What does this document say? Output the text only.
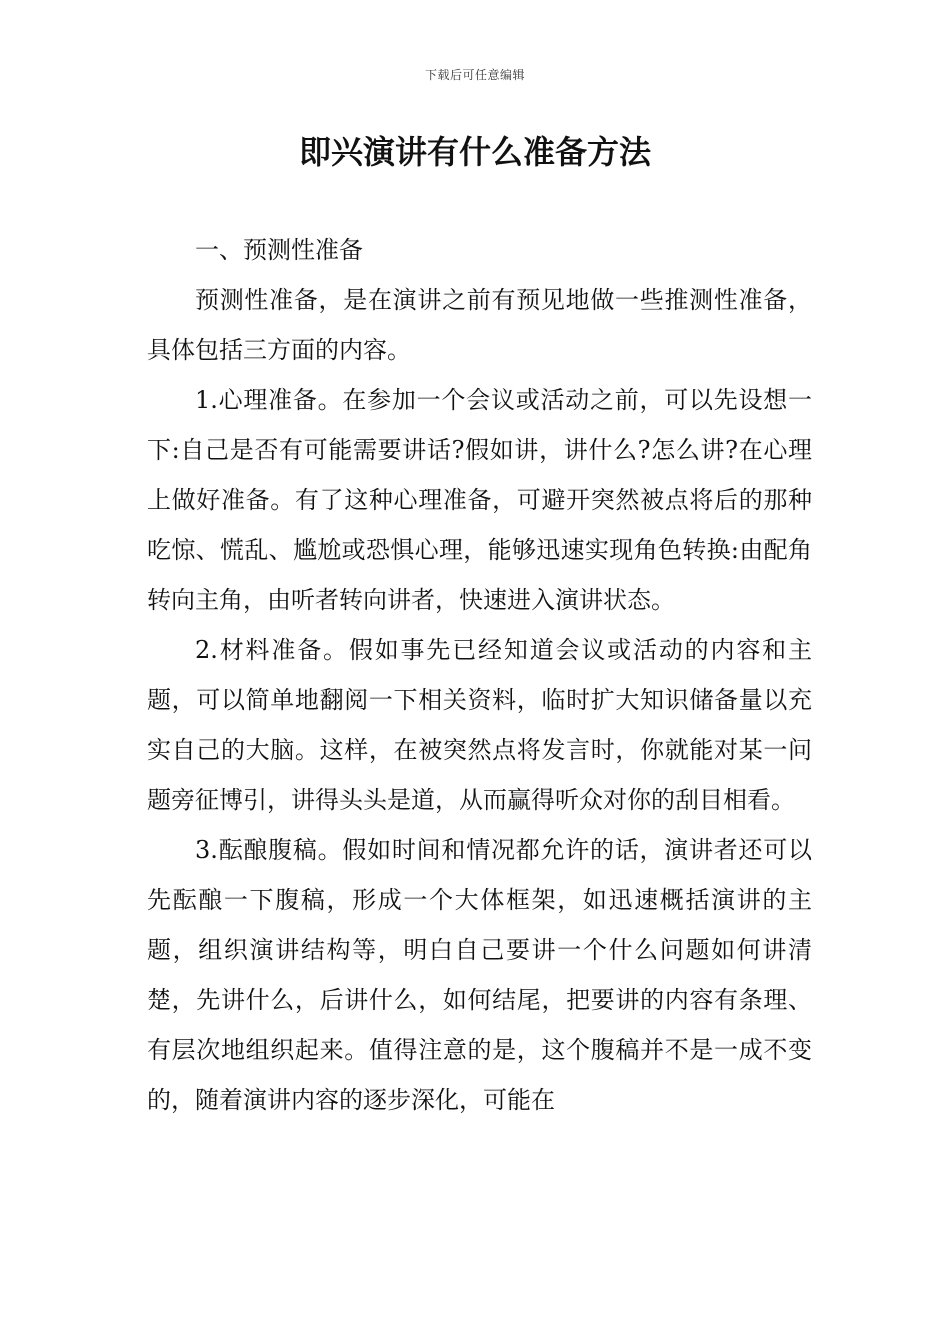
下载后可任意编辑
即兴演讲有什么准备方法

一、预测性准备

预测性准备，是在演讲之前有预见地做一些推测性准备，具体包括三方面的内容。

1.心理准备。在参加一个会议或活动之前，可以先设想一下:自己是否有可能需要讲话?假如讲，讲什么?怎么讲?在心理上做好准备。有了这种心理准备，可避开突然被点将后的那种吃惊、慌乱、尴尬或恐惧心理，能够迅速实现角色转换:由配角转向主角，由听者转向讲者，快速进入演讲状态。

2.材料准备。假如事先已经知道会议或活动的内容和主题，可以简单地翻阅一下相关资料，临时扩大知识储备量以充实自己的大脑。这样，在被突然点将发言时，你就能对某一问题旁征博引，讲得头头是道，从而赢得听众对你的刮目相看。

3.酝酿腹稿。假如时间和情况都允许的话，演讲者还可以先酝酿一下腹稿，形成一个大体框架，如迅速概括演讲的主题，组织演讲结构等，明白自己要讲一个什么问题如何讲清楚，先讲什么，后讲什么，如何结尾，把要讲的内容有条理、有层次地组织起来。值得注意的是，这个腹稿并不是一成不变的，随着演讲内容的逐步深化，可能在
